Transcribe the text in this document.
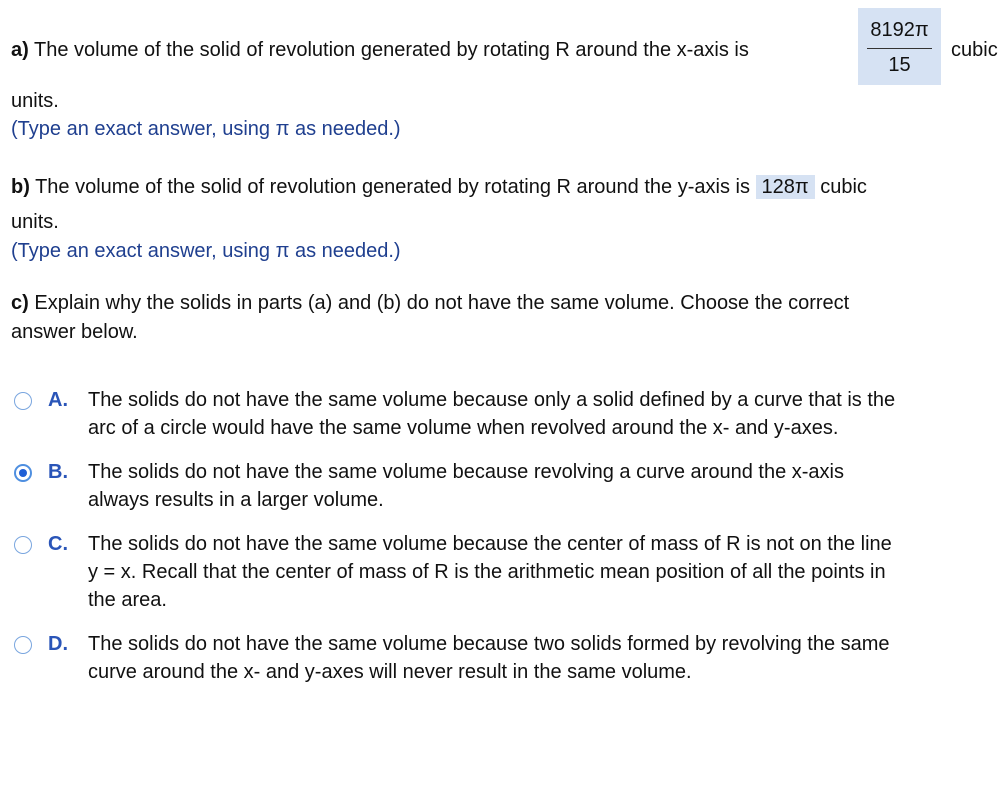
a) The volume of the solid of revolution generated by rotating R around the x-axis is
8192π
15
cubic
units.
(Type an exact answer, using π as needed.)
b) The volume of the solid of revolution generated by rotating R around the y-axis is 128π cubic
units.
(Type an exact answer, using π as needed.)
c) Explain why the solids in parts (a) and (b) do not have the same volume. Choose the correct
answer below.
A. The solids do not have the same volume because only a solid defined by a curve that is the
arc of a circle would have the same volume when revolved around the x- and y-axes.
B. The solids do not have the same volume because revolving a curve around the x-axis
always results in a larger volume.
C. The solids do not have the same volume because the center of mass of R is not on the line
y = x. Recall that the center of mass of R is the arithmetic mean position of all the points in
the area.
D. The solids do not have the same volume because two solids formed by revolving the same
curve around the x- and y-axes will never result in the same volume.
